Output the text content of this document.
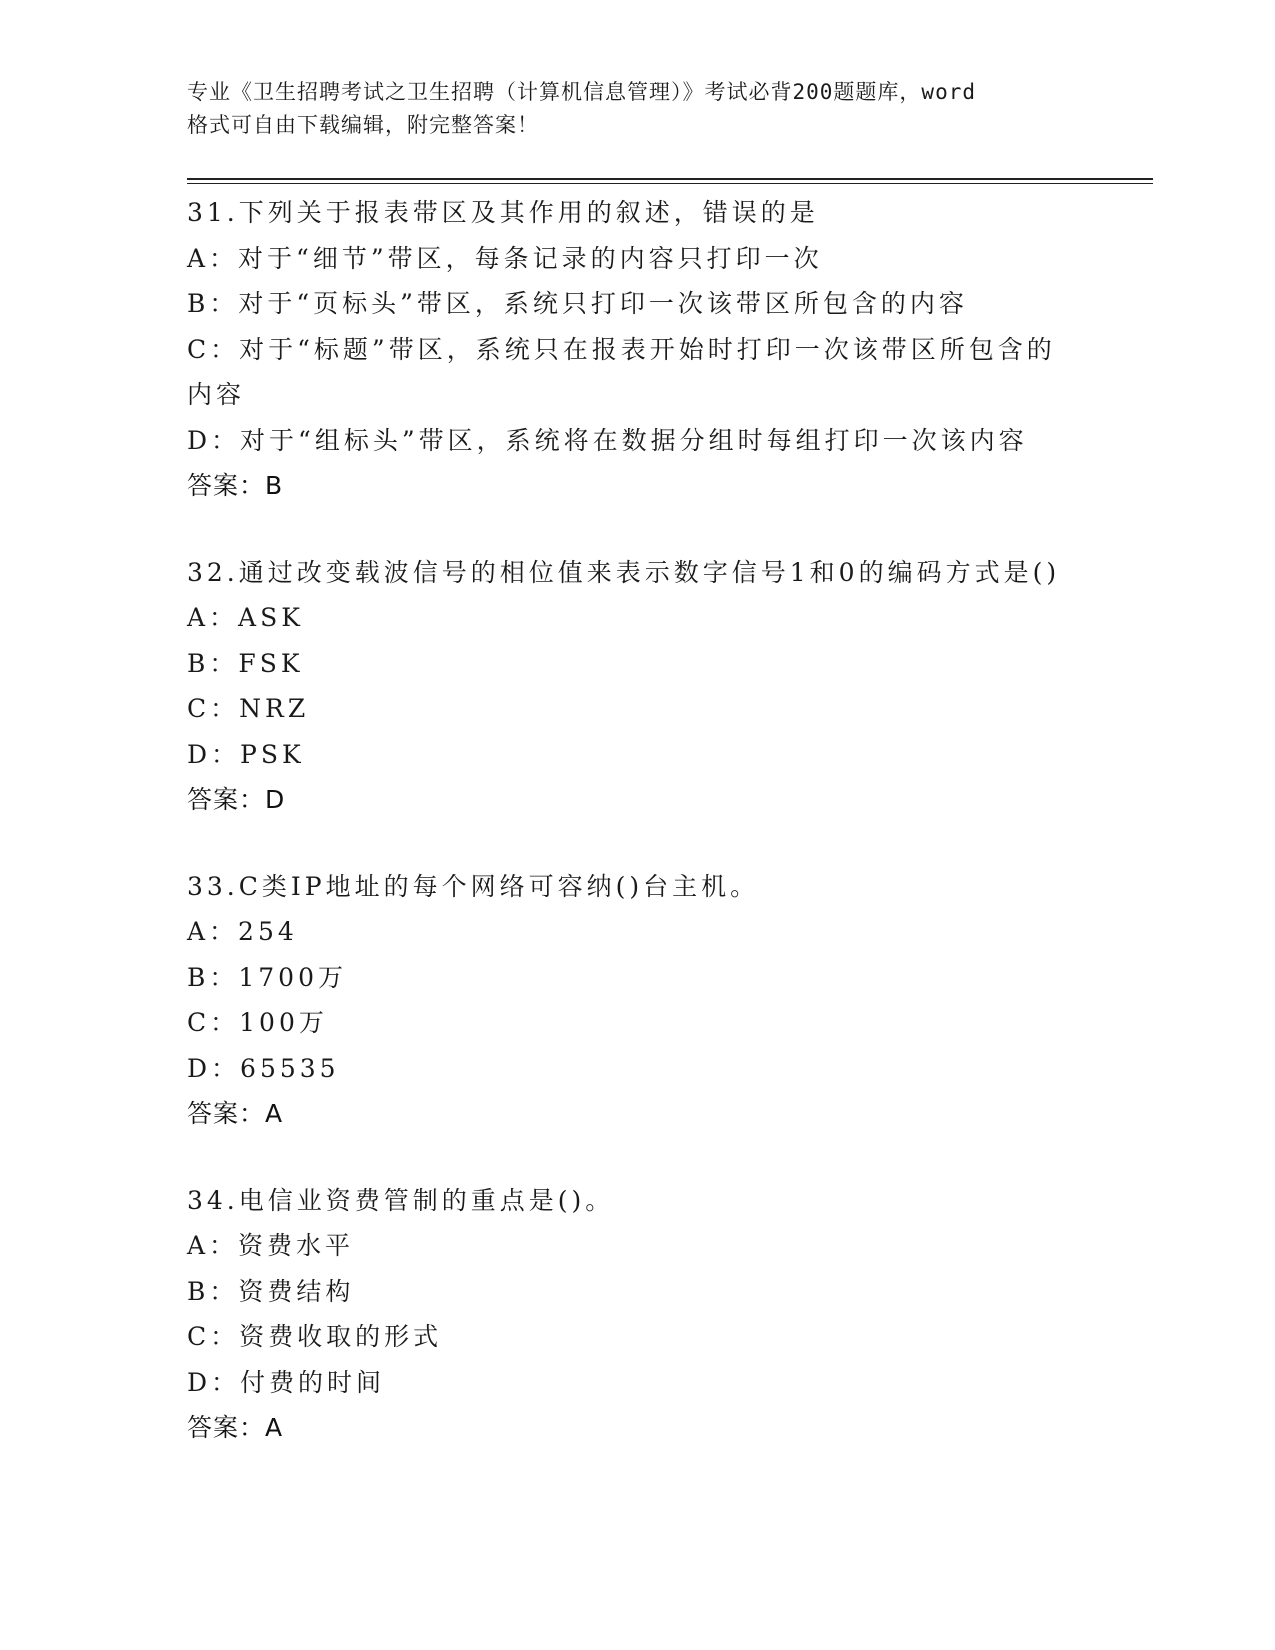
专业《卫生招聘考试之卫生招聘（计算机信息管理）》考试必背200题题库，word
格式可自由下载编辑，附完整答案！
31.下列关于报表带区及其作用的叙述，错误的是
A：对于“细节”带区，每条记录的内容只打印一次
B：对于“页标头”带区，系统只打印一次该带区所包含的内容
C：对于“标题”带区，系统只在报表开始时打印一次该带区所包含的
内容
D：对于“组标头”带区，系统将在数据分组时每组打印一次该内容
答案：B
32.通过改变载波信号的相位值来表示数字信号1和0的编码方式是()
A：ASK
B：FSK
C：NRZ
D：PSK
答案：D
33.C类IP地址的每个网络可容纳()台主机。
A：254
B：1700万
C：100万
D：65535
答案：A
34.电信业资费管制的重点是()。
A：资费水平
B：资费结构
C：资费收取的形式
D：付费的时间
答案：A
